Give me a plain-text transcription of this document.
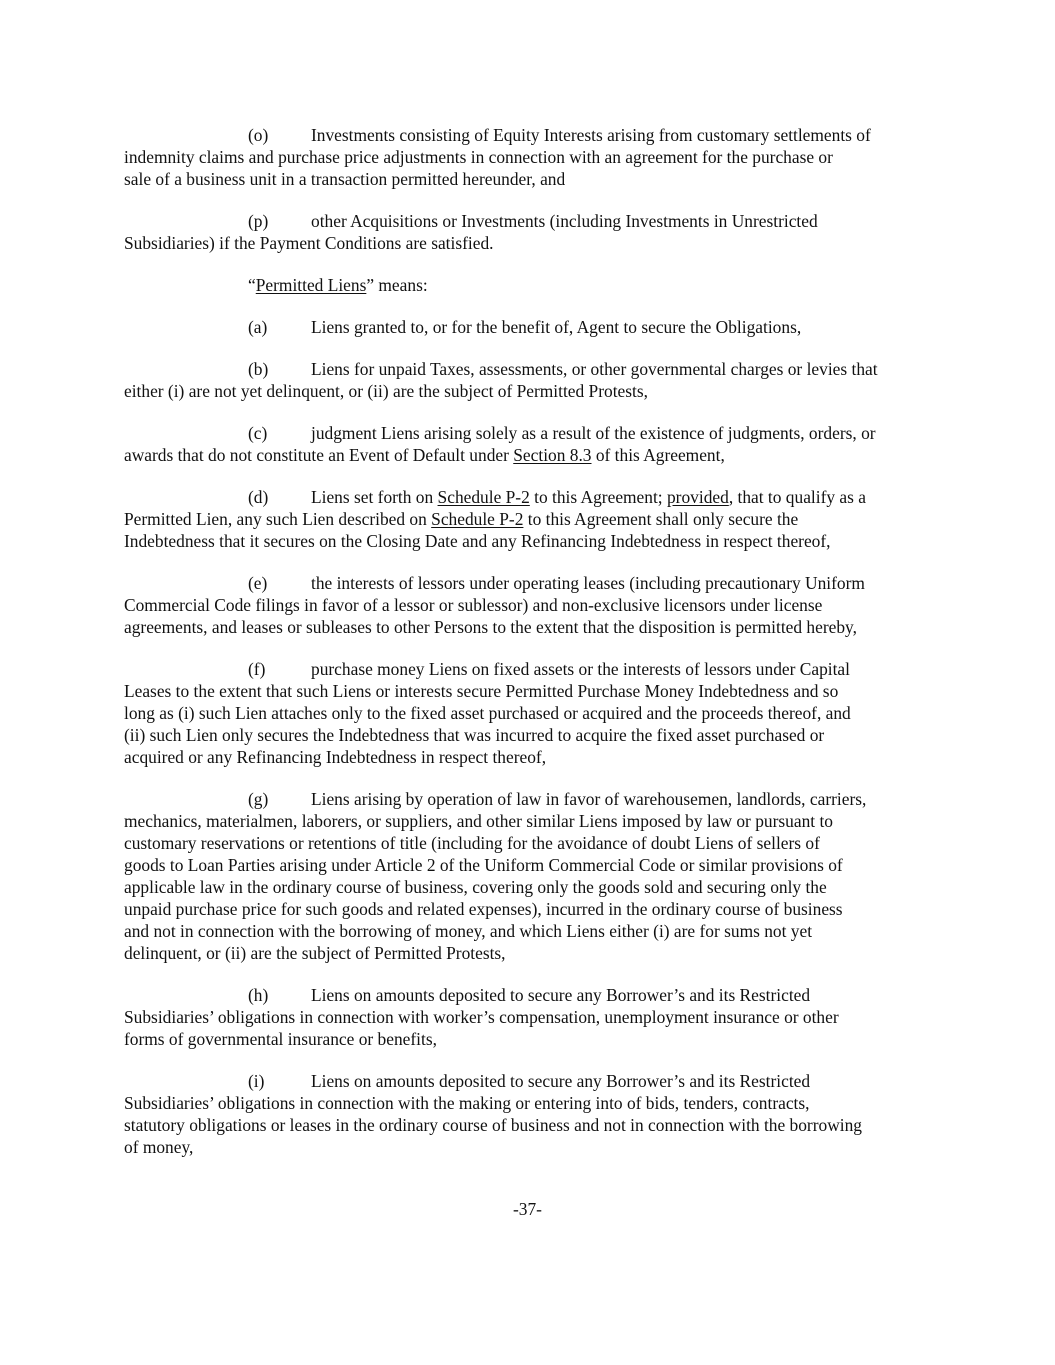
(o) Investments consisting of Equity Interests arising from customary settlements of
indemnity claims and purchase price adjustments in connection with an agreement for the purchase or
sale of a business unit in a transaction permitted hereunder, and
(p) other Acquisitions or Investments (including Investments in Unrestricted
Subsidiaries) if the Payment Conditions are satisfied.
“Permitted Liens” means:
(a)	Liens granted to, or for the benefit of, Agent to secure the Obligations,
(b) Liens for unpaid Taxes, assessments, or other governmental charges or levies that
either (i) are not yet delinquent, or (ii) are the subject of Permitted Protests,
(c)	judgment Liens arising solely as a result of the existence of judgments, orders, or
awards that do not constitute an Event of Default under Section 8.3 of this Agreement,
(d) Liens set forth on Schedule P-2 to this Agreement; provided, that to qualify as a
Permitted Lien, any such Lien described on Schedule P-2 to this Agreement shall only secure the
Indebtedness that it secures on the Closing Date and any Refinancing Indebtedness in respect thereof,
(e)	the interests of lessors under operating leases (including precautionary Uniform
Commercial Code filings in favor of a lessor or sublessor) and non-exclusive licensors under license
agreements, and leases or subleases to other Persons to the extent that the disposition is permitted hereby,
(f)	purchase money Liens on fixed assets or the interests of lessors under Capital
Leases to the extent that such Liens or interests secure Permitted Purchase Money Indebtedness and so
long as (i) such Lien attaches only to the fixed asset purchased or acquired and the proceeds thereof, and
(ii) such Lien only secures the Indebtedness that was incurred to acquire the fixed asset purchased or
acquired or any Refinancing Indebtedness in respect thereof,
(g) Liens arising by operation of law in favor of warehousemen, landlords, carriers,
mechanics, materialmen, laborers, or suppliers, and other similar Liens imposed by law or pursuant to
customary reservations or retentions of title (including for the avoidance of doubt Liens of sellers of
goods to Loan Parties arising under Article 2 of the Uniform Commercial Code or similar provisions of
applicable law in the ordinary course of business, covering only the goods sold and securing only the
unpaid purchase price for such goods and related expenses), incurred in the ordinary course of business
and not in connection with the borrowing of money, and which Liens either (i) are for sums not yet
delinquent, or (ii) are the subject of Permitted Protests,
(h) Liens on amounts deposited to secure any Borrower’s and its Restricted
Subsidiaries’ obligations in connection with worker’s compensation, unemployment insurance or other
forms of governmental insurance or benefits,
(i)	Liens on amounts deposited to secure any Borrower’s and its Restricted
Subsidiaries’ obligations in connection with the making or entering into of bids, tenders, contracts,
statutory obligations or leases in the ordinary course of business and not in connection with the borrowing
of money,
-37-
